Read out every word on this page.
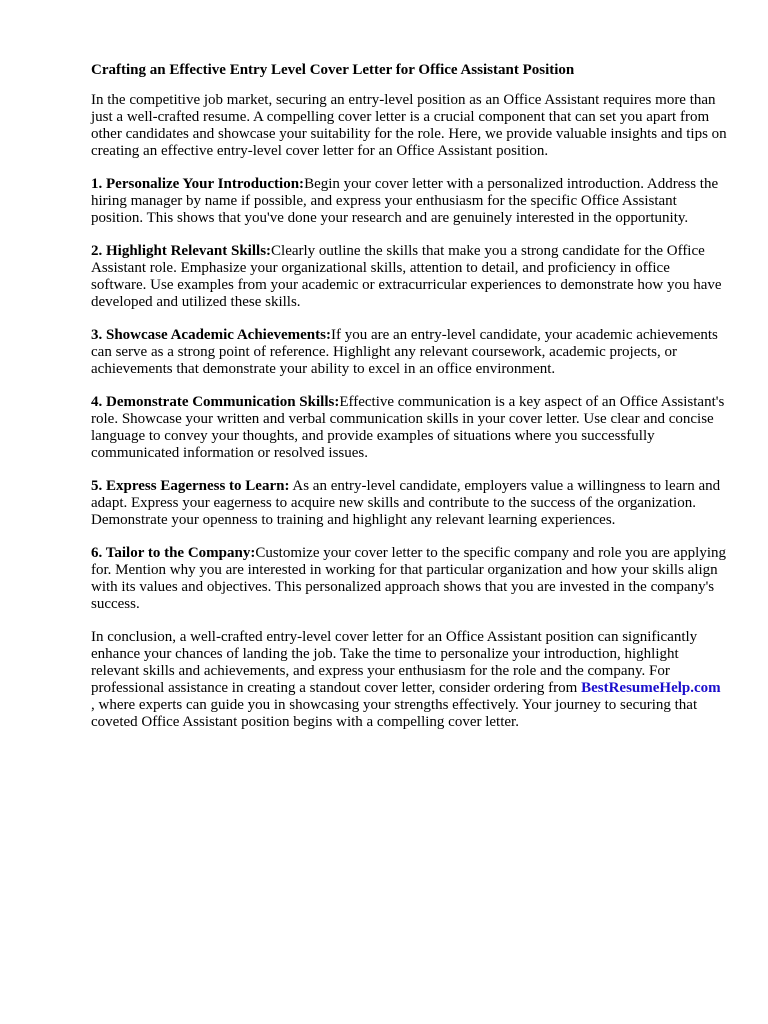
Crafting an Effective Entry Level Cover Letter for Office Assistant Position

In the competitive job market, securing an entry-level position as an Office Assistant requires more than just a well-crafted resume. A compelling cover letter is a crucial component that can set you apart from other candidates and showcase your suitability for the role. Here, we provide valuable insights and tips on creating an effective entry-level cover letter for an Office Assistant position.

1. Personalize Your Introduction:Begin your cover letter with a personalized introduction. Address the hiring manager by name if possible, and express your enthusiasm for the specific Office Assistant position. This shows that you've done your research and are genuinely interested in the opportunity.

2. Highlight Relevant Skills:Clearly outline the skills that make you a strong candidate for the Office Assistant role. Emphasize your organizational skills, attention to detail, and proficiency in office software. Use examples from your academic or extracurricular experiences to demonstrate how you have developed and utilized these skills.

3. Showcase Academic Achievements:If you are an entry-level candidate, your academic achievements can serve as a strong point of reference. Highlight any relevant coursework, academic projects, or achievements that demonstrate your ability to excel in an office environment.

4. Demonstrate Communication Skills:Effective communication is a key aspect of an Office Assistant's role. Showcase your written and verbal communication skills in your cover letter. Use clear and concise language to convey your thoughts, and provide examples of situations where you successfully communicated information or resolved issues.

5. Express Eagerness to Learn: As an entry-level candidate, employers value a willingness to learn and adapt. Express your eagerness to acquire new skills and contribute to the success of the organization. Demonstrate your openness to training and highlight any relevant learning experiences.

6. Tailor to the Company:Customize your cover letter to the specific company and role you are applying for. Mention why you are interested in working for that particular organization and how your skills align with its values and objectives. This personalized approach shows that you are invested in the company's success.

In conclusion, a well-crafted entry-level cover letter for an Office Assistant position can significantly enhance your chances of landing the job. Take the time to personalize your introduction, highlight relevant skills and achievements, and express your enthusiasm for the role and the company. For professional assistance in creating a standout cover letter, consider ordering from BestResumeHelp.com , where experts can guide you in showcasing your strengths effectively. Your journey to securing that coveted Office Assistant position begins with a compelling cover letter.
